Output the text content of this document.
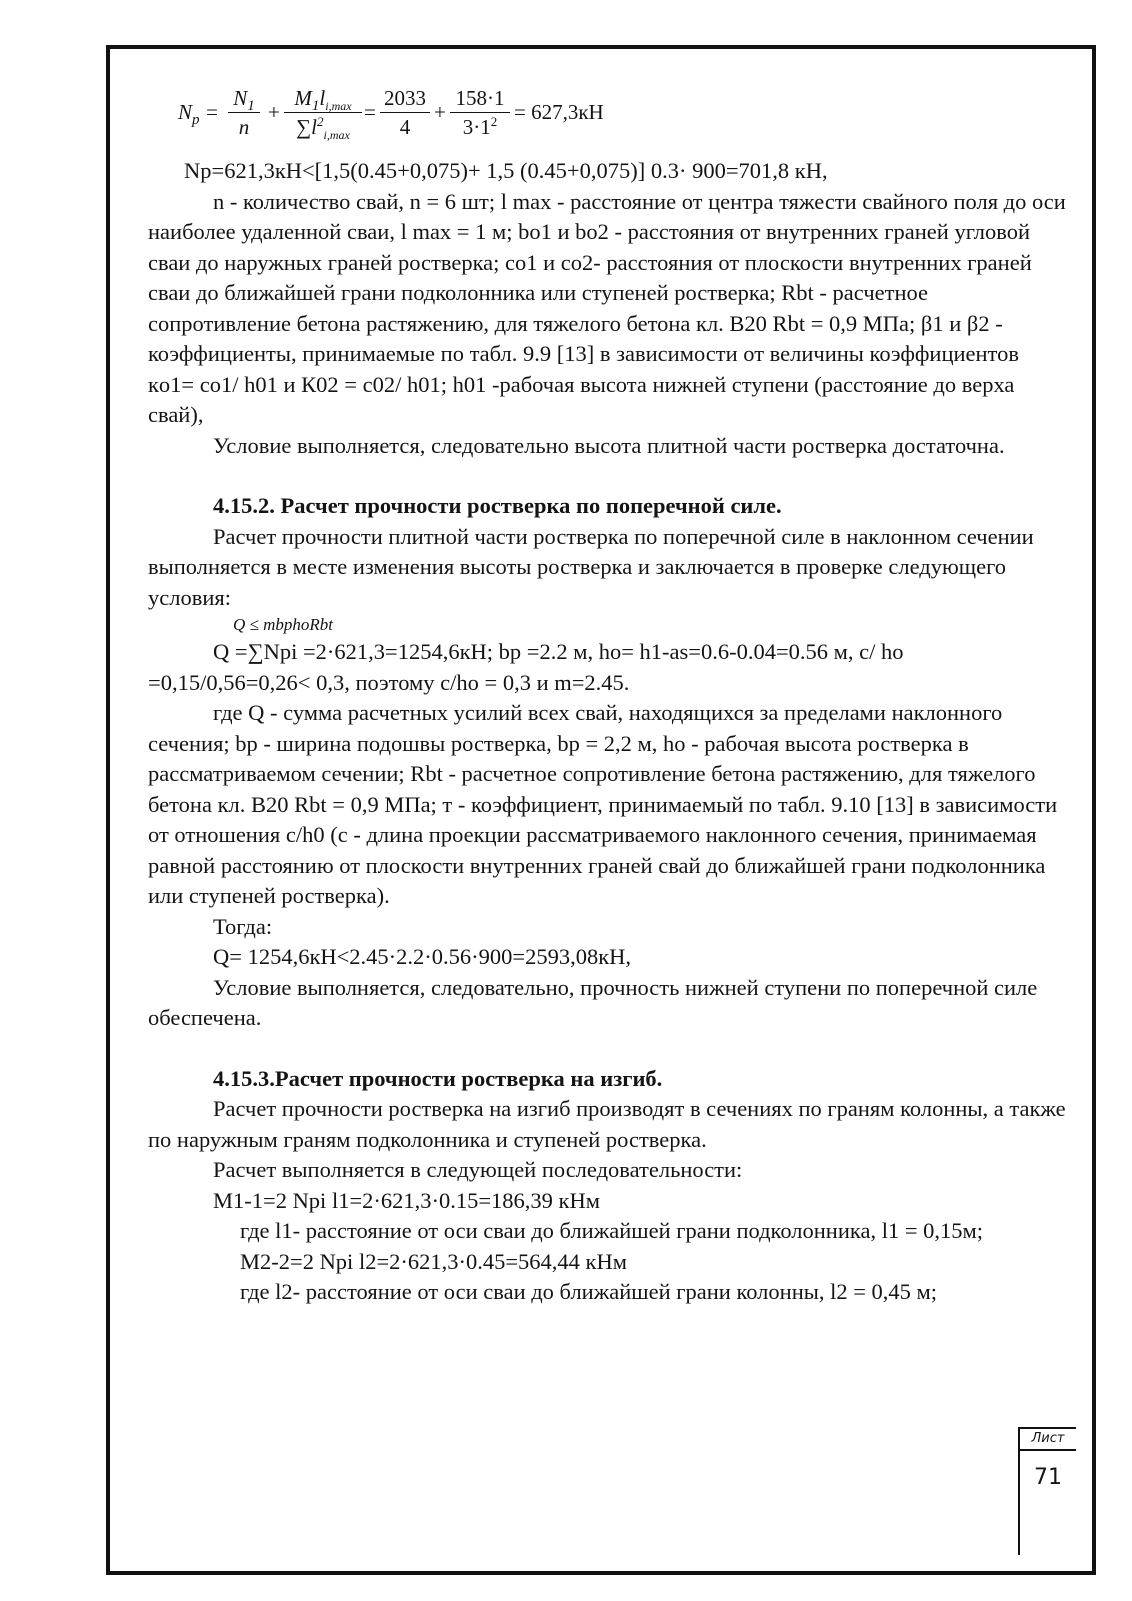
$N_p = \frac{N_1}{n}$ +
$M_1l_{i,max}$
$\sum l^2_{i,max}$
= $\frac{2033}{4} + \frac{158\cdot 1}{3\cdot 1^2} = 627,3кН$

Np=621,3кН<[1,5(0.45+0,075)+ 1,5 (0.45+0,075)] 0.3· 900=701,8 кН,

n - количество свай, n = 6 шт; l max - расстояние от центра тяжести свайного поля до оси наиболее удаленной сваи, l max = 1 м; bo1 и bo2 - расстояния от внутренних граней угловой сваи до наружных граней ростверка; co1 и co2- расстояния от плоскости внутренних граней сваи до ближайшей грани подколонника или ступеней ростверка; Rbt - расчетное сопротивление бетона растяжению, для тяжелого бетона кл. В20 Rbt = 0,9 МПа; β1 и β2 - коэффициенты, принимаемые по табл. 9.9 [13] в зависимости от величины коэффициентов кo1= co1/ h01 и К02 = c02/ h01; h01 -рабочая высота нижней ступени (расстояние до верха свай),

Условие выполняется, следовательно высота плитной части ростверка достаточна.

4.15.2. Расчет прочности ростверка по поперечной силе.

Расчет прочности плитной части ростверка по поперечной силе в наклонном сечении выполняется в месте изменения высоты ростверка и заключается в проверке следующего условия:

Q ≤ mbphoRbt

Q =∑Npi =2·621,3=1254,6кН; bp =2.2 м, ho= h1-as=0.6-0.04=0.56 м, c/ ho =0,15/0,56=0,26< 0,3, поэтому c/ho = 0,3 и m=2.45.

где Q - сумма расчетных усилий всех свай, находящихся за пределами наклонного сечения; bp - ширина подошвы ростверка, bp = 2,2 м, ho - рабочая высота ростверка в рассматриваемом сечении; Rbt - расчетное сопротивление бетона растяжению, для тяжелого бетона кл. В20 Rbt = 0,9 МПа; т - коэффициент, принимаемый по табл. 9.10 [13] в зависимости от отношения c/h0 (c - длина проекции рассматриваемого наклонного сечения, принимаемая равной расстоянию от плоскости внутренних граней свай до ближайшей грани подколонника или ступеней ростверка).

Тогда:

Q= 1254,6кН<2.45·2.2·0.56·900=2593,08кН,

Условие выполняется, следовательно, прочность нижней ступени по поперечной силе обеспечена.

4.15.3.Расчет прочности ростверка на изгиб.

Расчет прочности ростверка на изгиб производят в сечениях по граням колонны, а также по наружным граням подколонника и ступеней ростверка.

Расчет выполняется в следующей последовательности:

M1-1=2 Npi l1=2·621,3·0.15=186,39 кНм

где l1- расстояние от оси сваи до ближайшей грани подколонника, l1 = 0,15м;

M2-2=2 Npi l2=2·621,3·0.45=564,44 кНм

где l2- расстояние от оси сваи до ближайшей грани колонны, l2 = 0,45 м;

Лист
71
